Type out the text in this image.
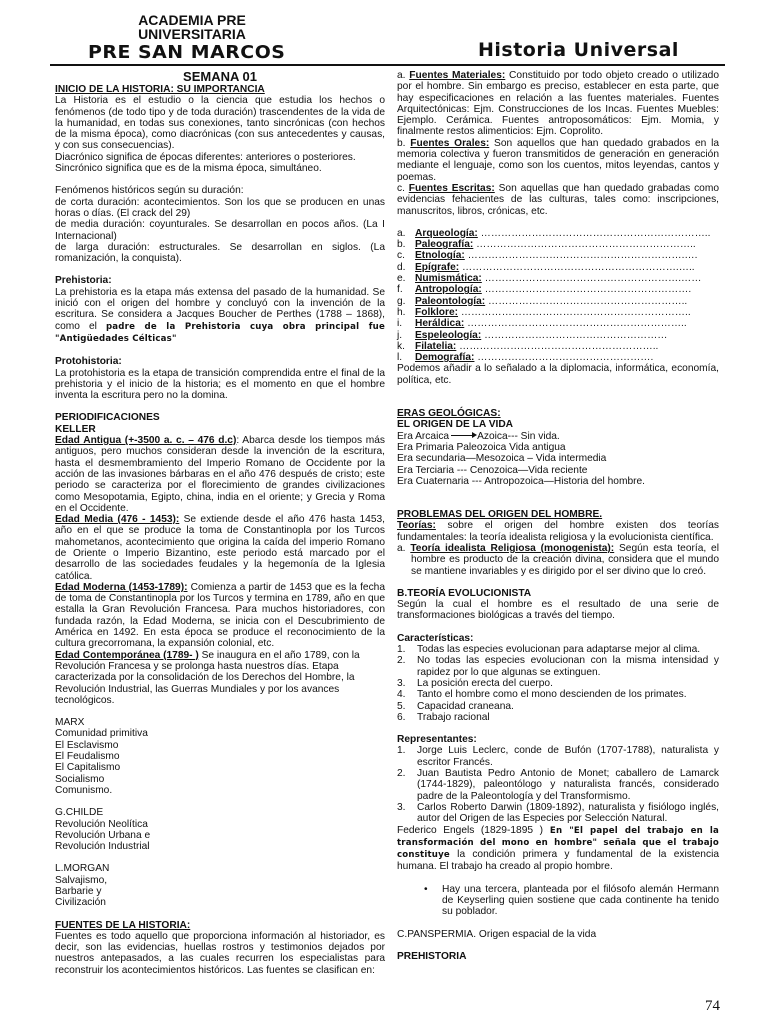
ACADEMIA PRE
UNIVERSITARIA
PRE SAN MARCOS	Historia Universal
SEMANA 01
INICIO DE LA HISTORIA: SU IMPORTANCIA

La Historia es el estudio o la ciencia que estudia los hechos o fenómenos (de todo tipo y de toda duración) trascendentes de la vida de la humanidad, en todas sus conexiones, tanto sincrónicas (con hechos de la misma época), como diacrónicas (con sus antecedentes y causas, y con sus consecuencias).

Diacrónico significa de épocas diferentes: anteriores o posteriores.

Sincrónico significa que es de la misma época, simultáneo.

Fenómenos históricos según su duración:

de corta duración: acontecimientos. Son los que se producen en unas horas o días. (El crack del 29)

de media duración: coyunturales. Se desarrollan en pocos años. (La I Internacional)

de larga duración: estructurales. Se desarrollan en siglos. (La romanización, la conquista).

Prehistoria:

La prehistoria es la etapa más extensa del pasado de la humanidad. Se inició con el origen del hombre y concluyó con la invención de la escritura. Se considera a Jacques Boucher de Perthes (1788 – 1868), como el padre de la Prehistoria cuya obra principal fue "Antigüedades Célticas"

Protohistoria:

La protohistoria es la etapa de transición comprendida entre el final de la prehistoria y el inicio de la historia; es el momento en que el hombre inventa la escritura pero no la domina.

PERIODIFICACIONES
KELLER

Edad Antigua (+-3500 a. c. – 476 d.c): Abarca desde los tiempos más antiguos, pero muchos consideran desde la invención de la escritura, hasta el desmembramiento del Imperio Romano de Occidente por la acción de las invasiones bárbaras en el año 476 después de cristo; este periodo se caracteriza por el florecimiento de grandes civilizaciones como Mesopotamia, Egipto, china, india en el oriente; y Grecia y Roma en el Occidente.

Edad Media (476 - 1453): Se extiende desde el año 476 hasta 1453, año en el que se produce la toma de Constantinopla por los Turcos mahometanos, acontecimiento que origina la caída del imperio Romano de Oriente o Imperio Bizantino, este periodo está marcado por el desarrollo de las sociedades feudales y la hegemonía de la Iglesia católica.

Edad Moderna (1453-1789): Comienza a partir de 1453 que es la fecha de toma de Constantinopla por los Turcos y termina en 1789, año en que estalla la Gran Revolución Francesa. Para muchos historiadores, con fundada razón, la Edad Moderna, se inicia con el Descubrimiento de América en 1492. En esta época se produce el reconocimiento de la cultura grecorromana, la expansión colonial, etc.

Edad Contemporánea (1789- ) Se inaugura en el año 1789, con la Revolución Francesa y se prolonga hasta nuestros días. Etapa caracterizada por la consolidación de los Derechos del Hombre, la Revolución Industrial, las Guerras Mundiales y por los avances tecnológicos.

MARX
Comunidad primitiva
El Esclavismo
El Feudalismo
El Capitalismo
Socialismo
Comunismo.
G.CHILDE
Revolución Neolítica
Revolución Urbana e
Revolución Industrial
L.MORGAN
Salvajismo,
Barbarie y
Civilización
FUENTES DE LA HISTORIA:

Fuentes es todo aquello que proporciona información al historiador, es decir, son las evidencias, huellas rostros y testimonios dejados por nuestros antepasados, a las cuales recurren los especialistas para reconstruir los acontecimientos históricos. Las fuentes se clasifican en:

a. Fuentes Materiales: Constituido por todo objeto creado o utilizado por el hombre. Sin embargo es preciso, establecer en esta parte, que hay especificaciones en relación a las fuentes materiales. Fuentes Arquitectónicas: Ejm. Construcciones de los Incas. Fuentes Muebles: Ejemplo. Cerámica. Fuentes antroposomáticos: Ejm. Momia, y finalmente restos alimenticios: Ejm. Coprolito.

b. Fuentes Orales: Son aquellos que han quedado grabados en la memoria colectiva y fueron transmitidos de generación en generación mediante el lenguaje, como son los cuentos, mitos leyendas, cantos y poemas.

c. Fuentes Escritas: Son aquellas que han quedado grabadas como evidencias fehacientes de las culturas, tales como: inscripciones, manuscritos, libros, crónicas, etc.

a. Arqueología: …………………………………………………………..
b. Paleografía: ………………………………………………………..
c. Etnología: ……………………………………………………….….
d. Epígrafe: ……………………………………………………….…..
e. Numismática: ………………………………………………….……
f. Antropología: …………………………………………………….
g. Paleontología: …………………………………………………..
h. Folklore: …………………………………………………………..
i. Heráldica: ………………………………………………………..
j. Espeleología: ………………………………………………
k. Filatelia: …………………………………………………..
l. Demografía: …………………………………………….

Podemos añadir a lo señalado a la diplomacia, informática, economía, política, etc.

ERAS GEOLÓGICAS:
EL ORIGEN DE LA VIDA
Era Arcaica	Azoica--- Sin vida.
Era Primaria Paleozoica Vida antigua
Era secundaria—Mesozoica – Vida intermedia
Era Terciaria --- Cenozoica—Vida reciente
Era Cuaternaria --- Antropozoica—Historia del hombre.
PROBLEMAS DEL ORIGEN DEL HOMBRE.

Teorías: sobre el origen del hombre existen dos teorías fundamentales: la teoría idealista religiosa y la evolucionista científica.

a. Teoría idealista Religiosa (monogenista): Según esta teoría, el hombre es producto de la creación divina, considera que el mundo se mantiene invariables y es dirigido por el ser divino que lo creó.

B.TEORÍA EVOLUCIONISTA

Según la cual el hombre es el resultado de una serie de transformaciones biológicas a través del tiempo.

Características:
1. Todas las especies evolucionan para adaptarse mejor al clima.
2. No todas las especies evolucionan con la misma intensidad y rapidez por lo que algunas se extinguen.
3. La posición erecta del cuerpo.
4. Tanto el hombre como el mono descienden de los primates.
5. Capacidad craneana.
6. Trabajo racional
Representantes:
1. Jorge Luis Leclerc, conde de Bufón (1707-1788), naturalista y escritor Francés.
2. Juan Bautista Pedro Antonio de Monet; caballero de Lamarck (1744-1829), paleontólogo y naturalista francés, considerado padre de la Paleontología y del Transformismo.
3. Carlos Roberto Darwin (1809-1892), naturalista y fisiólogo inglés, autor del Origen de las Especies por Selección Natural.

Federico Engels (1829-1895 ) En "El papel del trabajo en la transformación del mono en hombre" señala que el trabajo constituye la condición primera y fundamental de la existencia humana. El trabajo ha creado al propio hombre.

• Hay una tercera, planteada por el filósofo alemán Hermann de Keyserling quien sostiene que cada continente ha tenido su poblador.

C.PANSPERMIA. Origen espacial de la vida
PREHISTORIA
74
